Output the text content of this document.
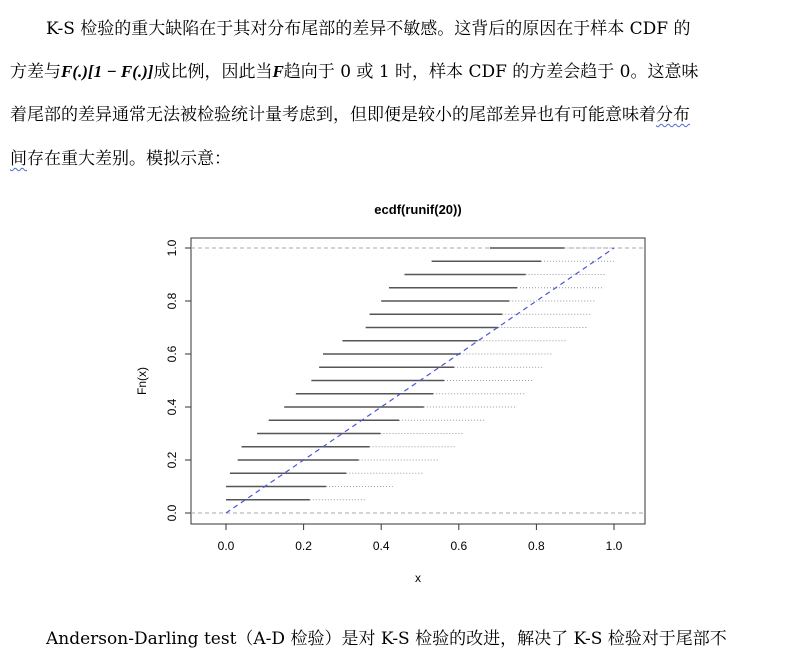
K-S 检验的重大缺陷在于其对分布尾部的差异不敏感。这背后的原因在于样本 CDF 的
方差与F(.)[1 − F(.)]成比例，因此当F趋向于 0 或 1 时，样本 CDF 的方差会趋于 0。这意味
着尾部的差异通常无法被检验统计量考虑到，但即便是较小的尾部差异也有可能意味着分布
间存在重大差别。模拟示意：
ecdf(runif(20))
0.0	0.2	0.4	0.6	0.8	1.0
0.0
0.2
0.4
0.6
0.8
1.0
x
Fn(x)
Anderson-Darling test（A-D 检验）是对 K-S 检验的改进，解决了 K-S 检验对于尾部不
